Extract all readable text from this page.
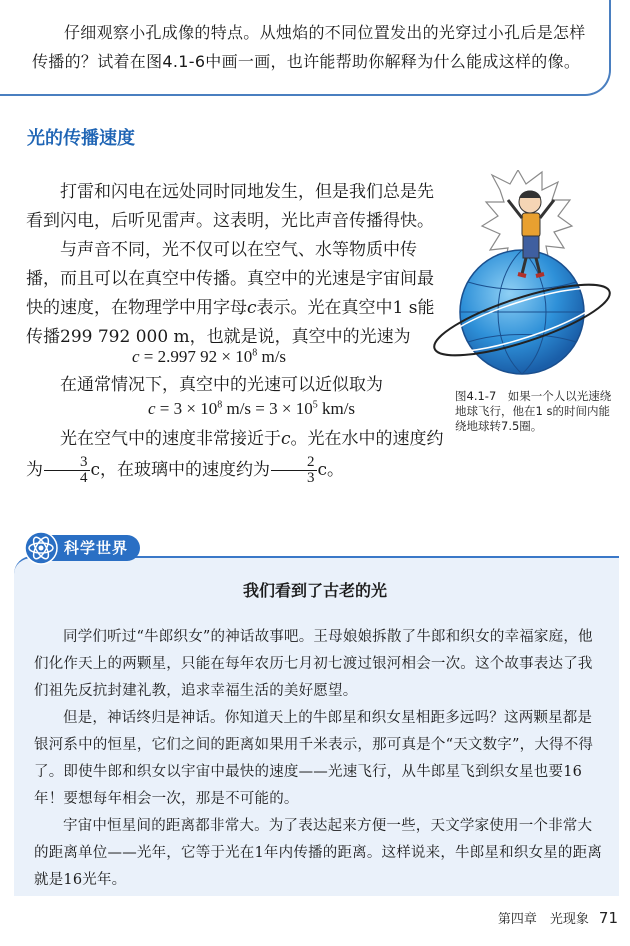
仔细观察小孔成像的特点。从烛焰的不同位置发出的光穿过小孔后是怎样传播的？试着在图4.1-6中画一画，也许能帮助你解释为什么能成这样的像。

光的传播速度

打雷和闪电在远处同时同地发生，但是我们总是先看到闪电，后听见雷声。这表明，光比声音传播得快。

与声音不同，光不仅可以在空气、水等物质中传播，而且可以在真空中传播。真空中的光速是宇宙间最快的速度，在物理学中用字母c表示。光在真空中1 s能传播299 792 000 m，也就是说，真空中的光速为

c = 2.997 $92 \times 10^8$ m/s

在通常情况下，真空中的光速可以近似取为

$c = 3 \times 10^8$ $m/s = 3 \times 10^5$ km/s

光在空气中的速度非常接近于c。光在水中的速度约为 $\frac{3}{4}$ c，在玻璃中的速度约为 $\frac{2}{3}$ c。

图4.1-7　如果一个人以光速绕地球飞行，他在1 s的时间内能绕地球转7.5圈。
科学世界
我们看到了古老的光

同学们听过“牛郎织女”的神话故事吧。王母娘娘拆散了牛郎和织女的幸福家庭，他们化作天上的两颗星，只能在每年农历七月初七渡过银河相会一次。这个故事表达了我们祖先反抗封建礼教，追求幸福生活的美好愿望。

但是，神话终归是神话。你知道天上的牛郎星和织女星相距多远吗？这两颗星都是银河系中的恒星，它们之间的距离如果用千米表示，那可真是个“天文数字”，大得不得了。即使牛郎和织女以宇宙中最快的速度——光速飞行，从牛郎星飞到织女星也要16年！要想每年相会一次，那是不可能的。

宇宙中恒星间的距离都非常大。为了表达起来方便一些，天文学家使用一个非常大的距离单位——光年，它等于光在1年内传播的距离。这样说来，牛郎星和织女星的距离就是16光年。

第四章　光现象 71
